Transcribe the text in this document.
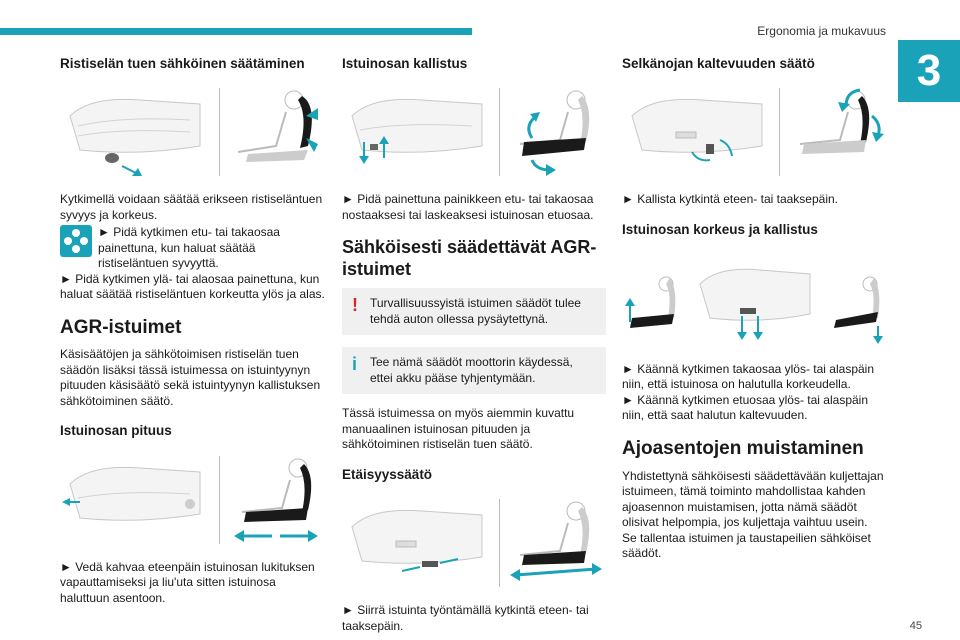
Ergonomia ja mukavuus
3
45
Ristiselän tuen sähköinen säätäminen

Kytkimellä voidaan säätää erikseen ristiseläntuen syvyys ja korkeus.

► Pidä kytkimen etu- tai takaosaa painettuna, kun haluat säätää ristiseläntuen syvyyttä.

► Pidä kytkimen ylä- tai alaosaa painettuna, kun haluat säätää ristiseläntuen korkeutta ylös ja alas.

AGR-istuimet

Käsisäätöjen ja sähkötoimisen ristiselän tuen säädön lisäksi tässä istuimessa on istuintyynyn pituuden käsisäätö sekä istuintyynyn kallistuksen sähkötoiminen säätö.

Istuinosan pituus

► Vedä kahvaa eteenpäin istuinosan lukituksen vapauttamiseksi ja liu'uta sitten istuinosa haluttuun asentoon.

Istuinosan kallistus

► Pidä painettuna painikkeen etu- tai takaosaa nostaaksesi tai laskeaksesi istuinosan etuosaa.

Sähköisesti säädettävät AGR-istuimet
!	Turvallisuussyistä istuimen säädöt tulee tehdä auton ollessa pysäytettynä.
i	Tee nämä säädöt moottorin käydessä, ettei akku pääse tyhjentymään.

Tässä istuimessa on myös aiemmin kuvattu manuaalinen istuinosan pituuden ja sähkötoiminen ristiselän tuen säätö.

Etäisyyssäätö

► Siirrä istuinta työntämällä kytkintä eteen- tai taaksepäin.

Selkänojan kaltevuuden säätö

► Kallista kytkintä eteen- tai taaksepäin.

Istuinosan korkeus ja kallistus

► Käännä kytkimen takaosaa ylös- tai alaspäin niin, että istuinosa on halutulla korkeudella.

► Käännä kytkimen etuosaa ylös- tai alaspäin niin, että saat halutun kaltevuuden.

Ajoasentojen muistaminen

Yhdistettynä sähköisesti säädettävään kuljettajan istuimeen, tämä toiminto mahdollistaa kahden ajoasennon muistamisen, jotta nämä säädöt olisivat helpompia, jos kuljettaja vaihtuu usein.

Se tallentaa istuimen ja taustapeilien sähköiset säädöt.
